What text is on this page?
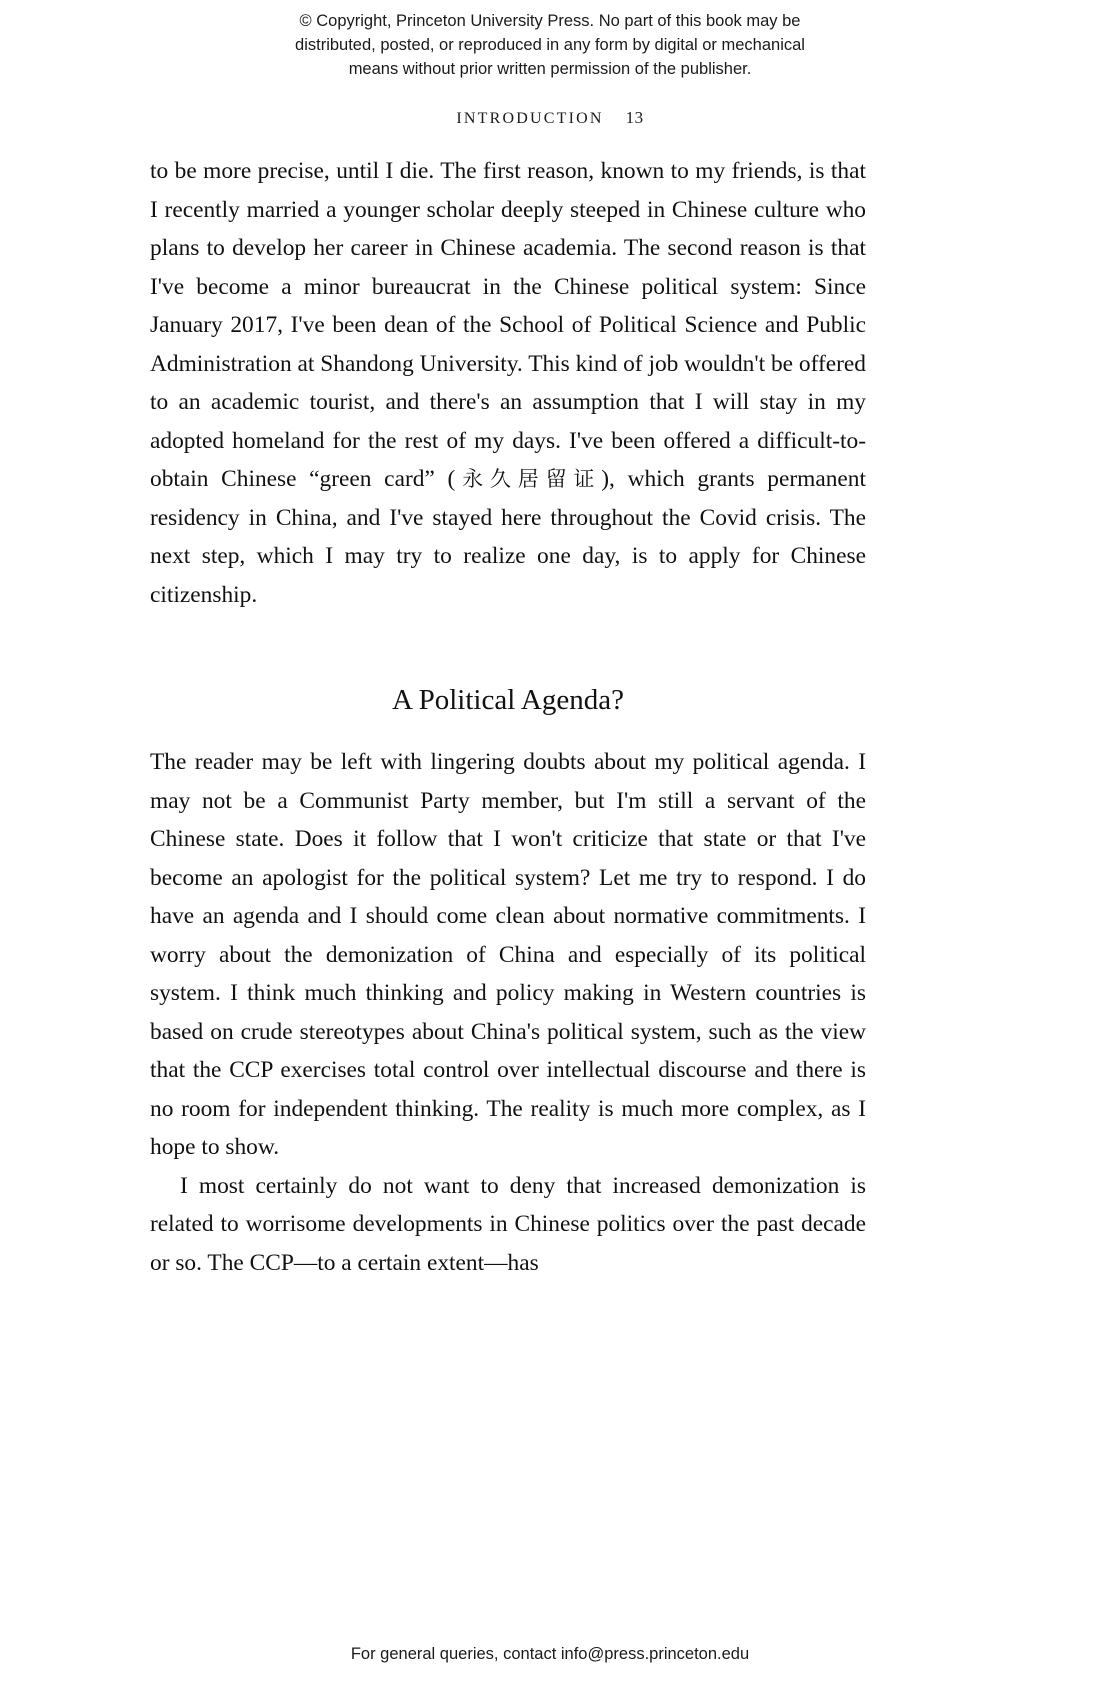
© Copyright, Princeton University Press. No part of this book may be
distributed, posted, or reproduced in any form by digital or mechanical
means without prior written permission of the publisher.
INTRODUCTION 13

to be more precise, until I die. The first reason, known to my friends, is that I recently married a younger scholar deeply steeped in Chinese culture who plans to develop her career in Chinese academia. The second reason is that I've become a minor bureaucrat in the Chinese political system: Since January 2017, I've been dean of the School of Political Science and Public Administration at Shandong University. This kind of job wouldn't be offered to an academic tourist, and there's an assumption that I will stay in my adopted homeland for the rest of my days. I've been offered a difficult-to-obtain Chinese “green card” (永久居留证), which grants permanent residency in China, and I've stayed here throughout the Covid crisis. The next step, which I may try to realize one day, is to apply for Chinese citizenship.

A Political Agenda?

The reader may be left with lingering doubts about my political agenda. I may not be a Communist Party member, but I'm still a servant of the Chinese state. Does it follow that I won't criticize that state or that I've become an apologist for the political system? Let me try to respond. I do have an agenda and I should come clean about normative commitments. I worry about the demonization of China and especially of its political system. I think much thinking and policy making in Western countries is based on crude stereotypes about China's political system, such as the view that the CCP exercises total control over intellectual discourse and there is no room for independent thinking. The reality is much more complex, as I hope to show.

I most certainly do not want to deny that increased demonization is related to worrisome developments in Chinese politics over the past decade or so. The CCP—to a certain extent—has

For general queries, contact info@press.princeton.edu
